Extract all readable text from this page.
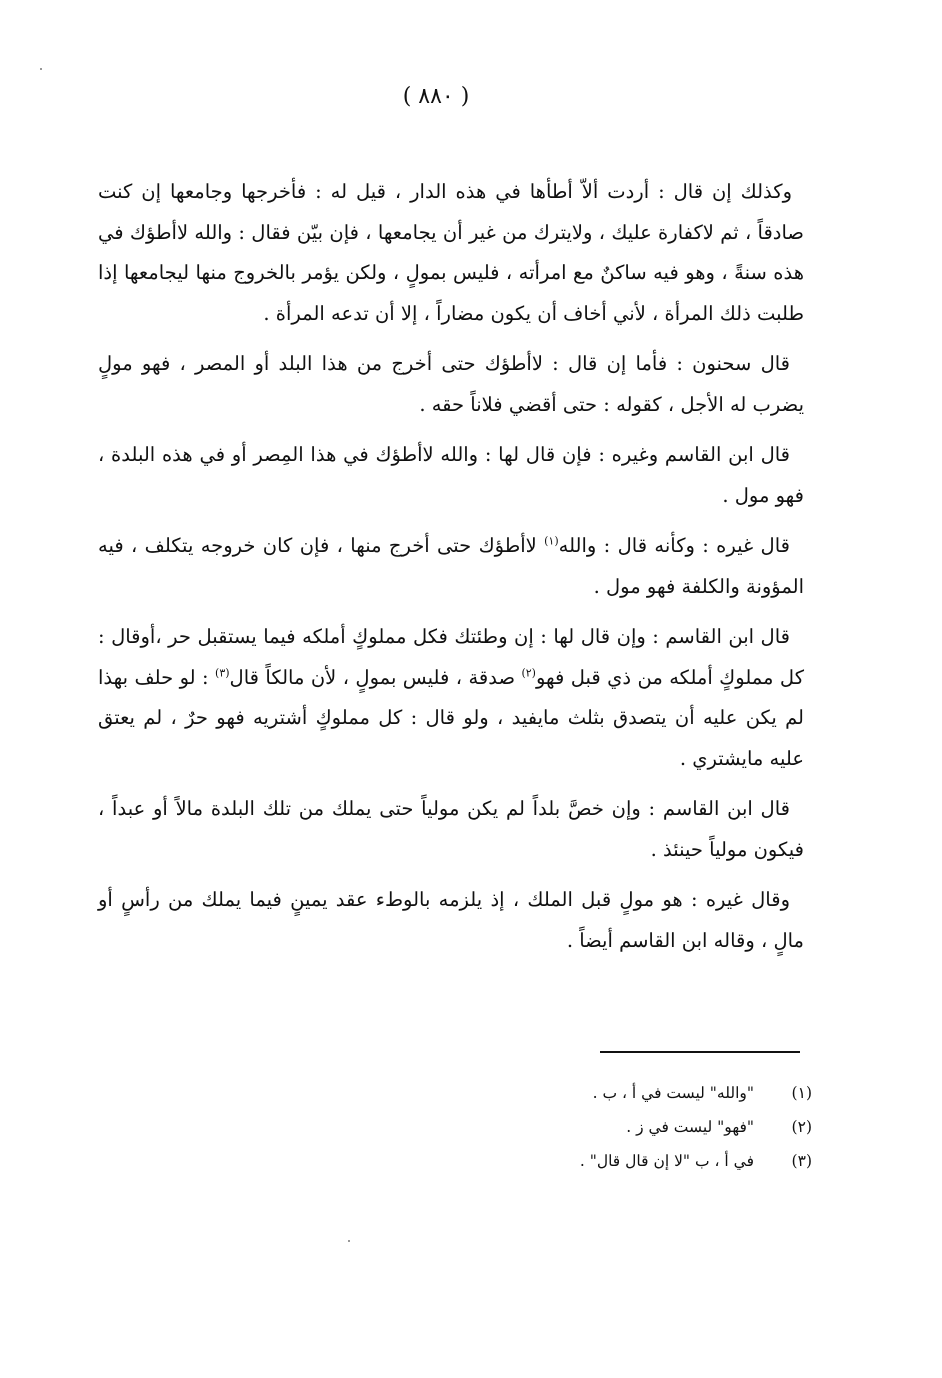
( ٨٨٠ )

وكذلك إن قال : أردت ألاّ أطأها في هذه الدار ، قيل له : فأخرجها وجامعها إن كنت صادقاً ، ثم لاكفارة عليك ، ولايترك من غير أن يجامعها ، فإن بيّن فقال : والله لاأطؤك في هذه سنةً ، وهو فيه ساكنٌ مع امرأته ، فليس بمولٍ ، ولكن يؤمر بالخروج منها ليجامعها إذا طلبت ذلك المرأة ، لأني أخاف أن يكون مضاراً ، إلا أن تدعه المرأة .

قال سحنون : فأما إن قال : لاأطؤك حتى أخرج من هذا البلد أو المصر ، فهو مولٍ يضرب له الأجل ، كقوله : حتى أقضي فلاناً حقه .

قال ابن القاسم وغيره : فإن قال لها : والله لاأطؤك في هذا المِصر أو في هذه البلدة ، فهو مول .

قال غيره : وكأنه قال : والله$^{(١)}$ لاأطؤك حتى أخرج منها ، فإن كان خروجه يتكلف ، فيه المؤونة والكلفة فهو مول .

قال ابن القاسم : وإن قال لها : إن وطئتك فكل مملوكٍ أملكه فيما يستقبل حر ،أوقال : كل مملوكٍ أملكه من ذي قبل فهو$^{(٢)}$ صدقة ، فليس بمولٍ ، لأن مالكاً قال$^{(٣)}$ : لو حلف بهذا لم يكن عليه أن يتصدق بثلث مايفيد ، ولو قال : كل مملوكٍ أشتريه فهو حرٌ ، لم يعتق عليه مايشتري .

قال ابن القاسم : وإن خصَّ بلداً لم يكن مولياً حتى يملك من تلك البلدة مالاً أو عبداً ، فيكون مولياً حينئذ .

وقال غيره : هو مولٍ قبل الملك ، إذ يلزمه بالوطء عقد يمينٍ فيما يملك من رأسٍ أو مالٍ ، وقاله ابن القاسم أيضاً .

(١)
"والله" ليست في أ ، ب .
(٢)
"فهو" ليست في ز .
(٣)
في أ ، ب "لا إن قال قال" .
